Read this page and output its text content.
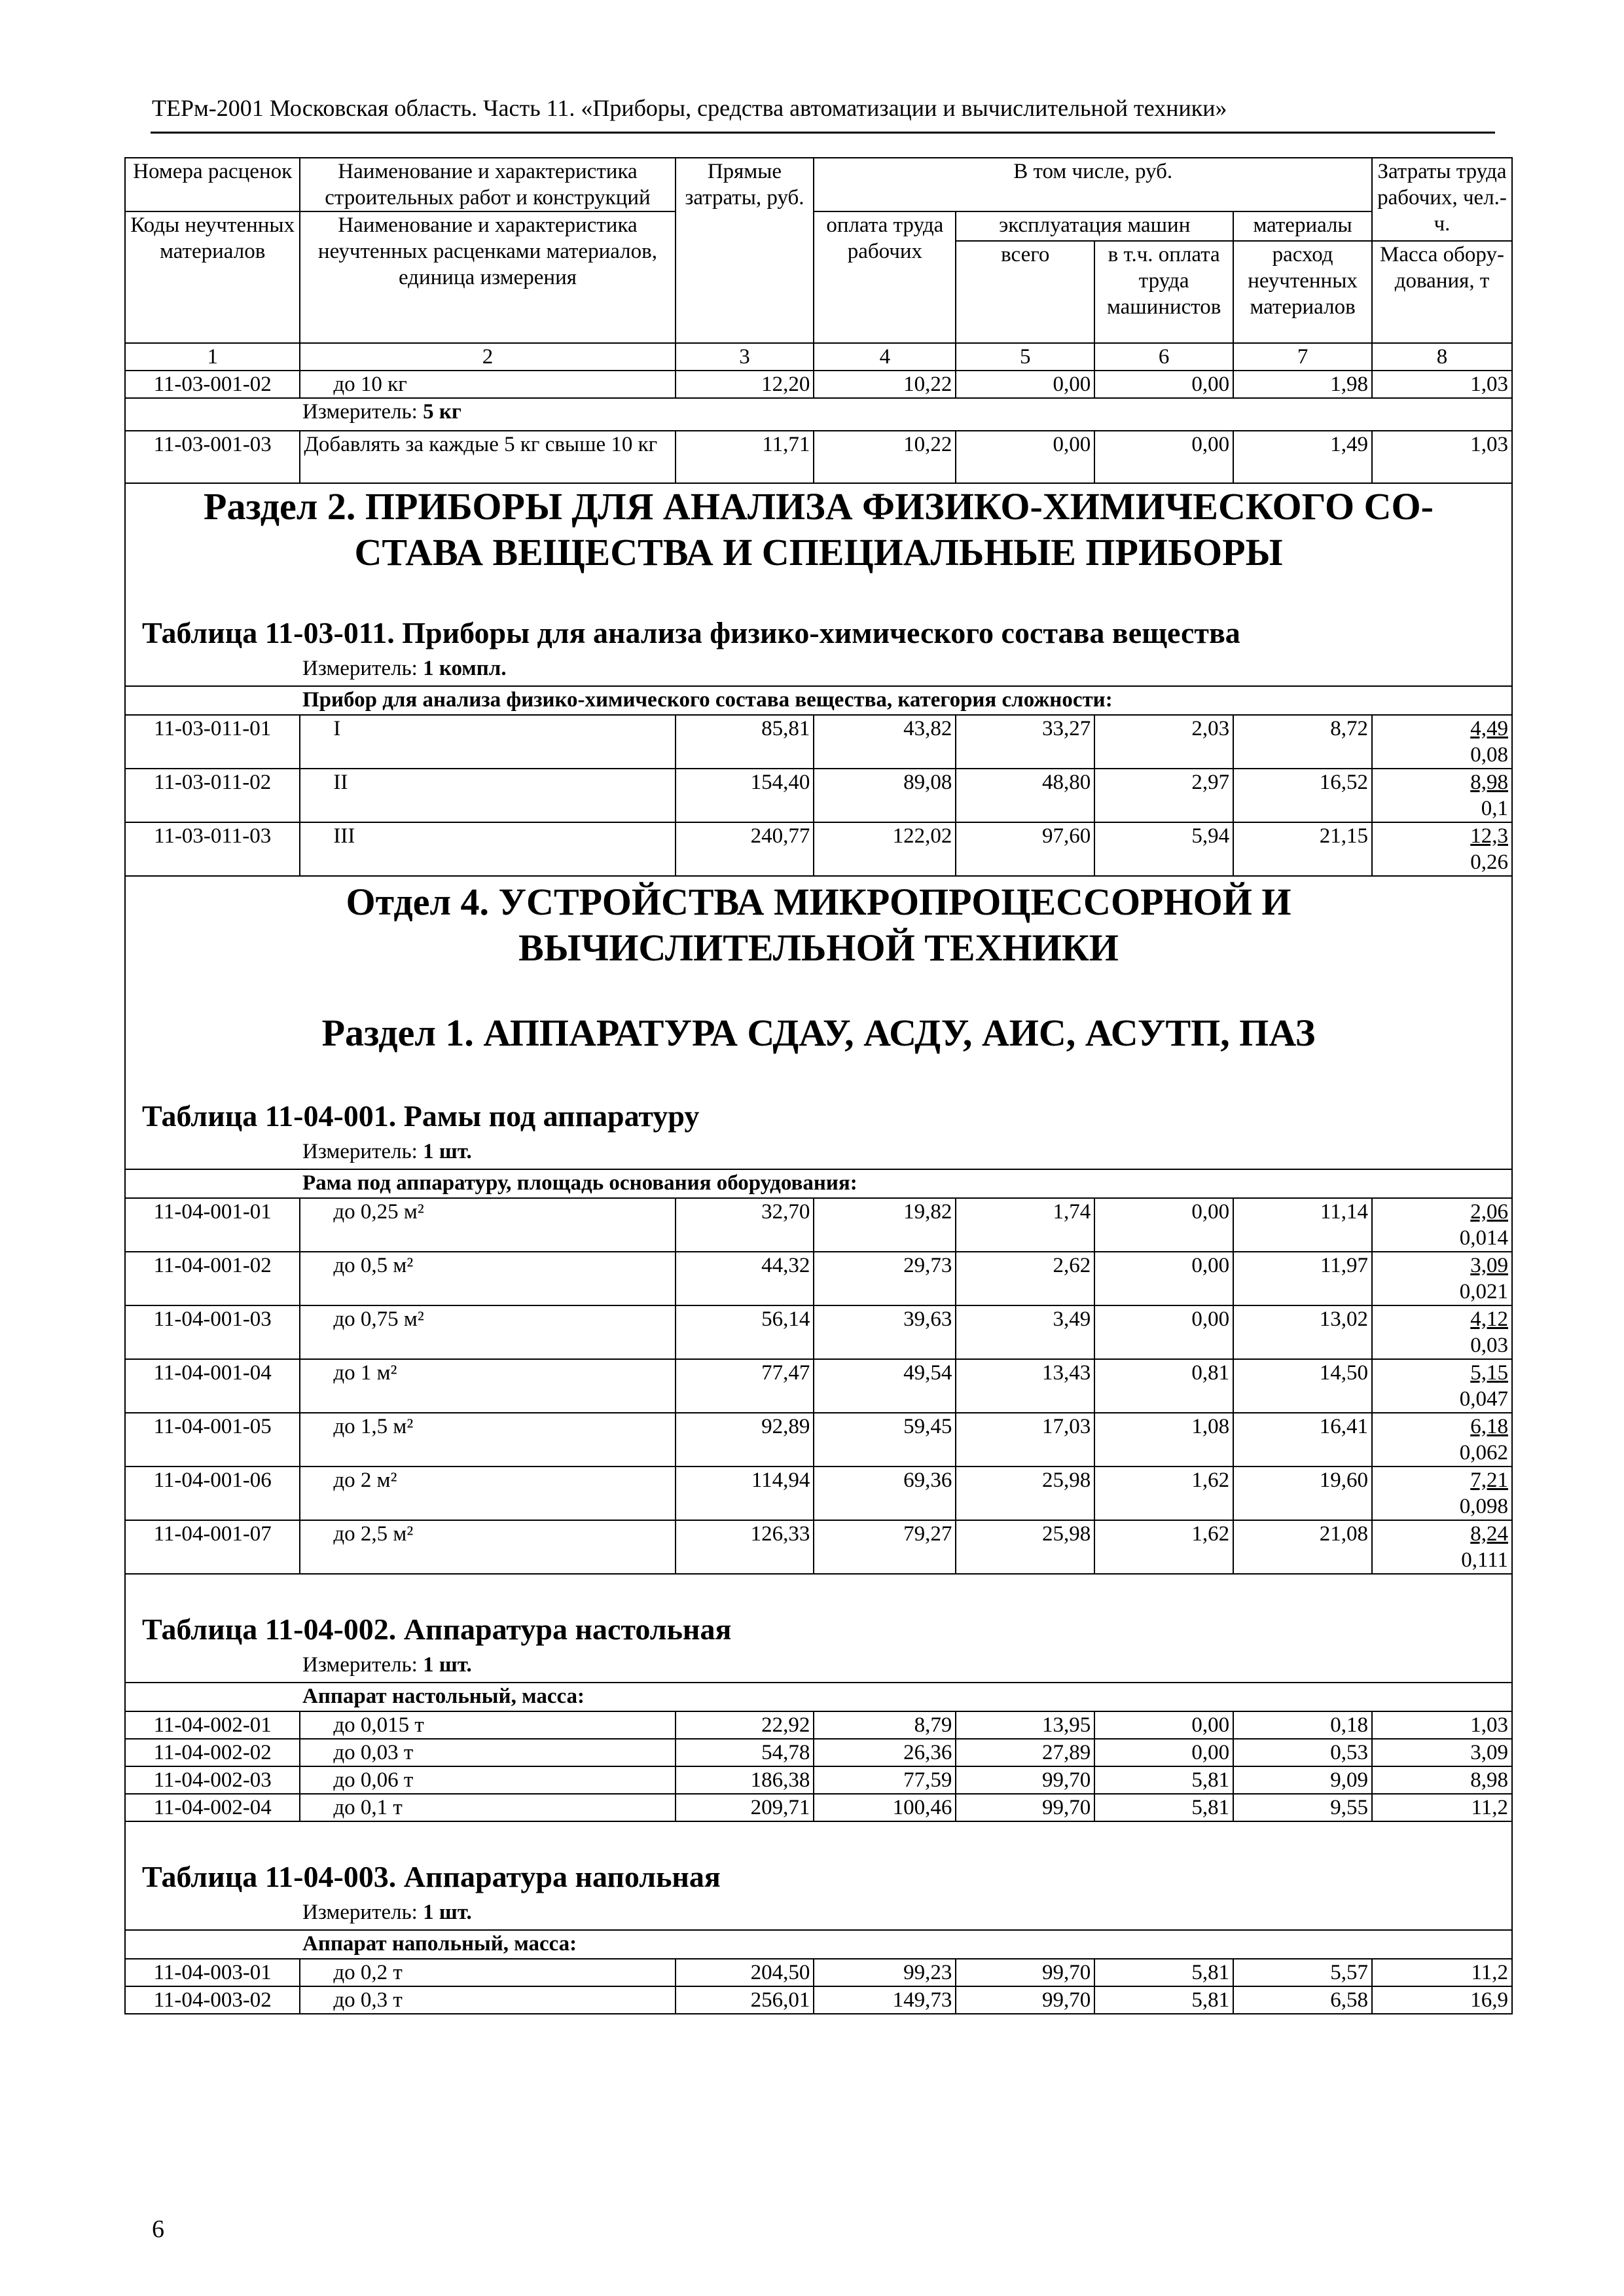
ТЕРм-2001 Московская область. Часть 11. «Приборы, средства автоматизации и вычислительной техники»
Номера расценок	Наименование и характеристика строительных работ и конструкций	Прямые затраты, руб.	В том числе, руб.				Затраты труда рабочих, чел.-ч.
Коды неучтенных материалов	Наименование и характеристика неучтенных расценками материалов, единица измерения		оплата труда рабочих	эксплуатация машин		материалы	
				всего	в т.ч. оплата труда машинистов	расход неучтенных материалов	Масса обору-дования, т
1	2	3	4	5	6	7	8
11-03-001-02	до 10 кг	12,20	10,22	0,00	0,00	1,98	1,03

Измеритель: 5 кг							

11-03-001-03	Добавлять за каждые 5 кг свыше 10 кг	11,71	10,22	0,00	0,00	1,49	1,03

Раздел 2. ПРИБОРЫ ДЛЯ АНАЛИЗА ФИЗИКО-ХИМИЧЕСКОГО СО-
СТАВА ВЕЩЕСТВА И СПЕЦИАЛЬНЫЕ ПРИБОРЫ
Таблица 11-03-011. Приборы для анализа физико-химического состава вещества
Измеритель: 1 компл.							

Прибор для анализа физико-химического состава вещества, категория сложности:							

11-03-011-01	I	85,81	43,82	33,27	2,03	8,72	4,49
0,08

11-03-011-02	II	154,40	89,08	48,80	2,97	16,52	8,98
0,1

11-03-011-03	III	240,77	122,02	97,60	5,94	21,15	12,3
0,26

Отдел 4. УСТРОЙСТВА МИКРОПРОЦЕССОРНОЙ И
ВЫЧИСЛИТЕЛЬНОЙ ТЕХНИКИ
Раздел 1. АППАРАТУРА СДАУ, АСДУ, АИС, АСУТП, ПАЗ
Таблица 11-04-001. Рамы под аппаратуру
Измеритель: 1 шт.							

Рама под аппаратуру, площадь основания оборудования:							

11-04-001-01	до 0,25 м²	32,70	19,82	1,74	0,00	11,14	2,06
0,014

11-04-001-02	до 0,5 м²	44,32	29,73	2,62	0,00	11,97	3,09
0,021

11-04-001-03	до 0,75 м²	56,14	39,63	3,49	0,00	13,02	4,12
0,03

11-04-001-04	до 1 м²	77,47	49,54	13,43	0,81	14,50	5,15
0,047

11-04-001-05	до 1,5 м²	92,89	59,45	17,03	1,08	16,41	6,18
0,062

11-04-001-06	до 2 м²	114,94	69,36	25,98	1,62	19,60	7,21
0,098

11-04-001-07	до 2,5 м²	126,33	79,27	25,98	1,62	21,08	8,24
0,111

Таблица 11-04-002. Аппаратура настольная
Измеритель: 1 шт.							

Аппарат настольный, масса:							

11-04-002-01	до 0,015 т	22,92	8,79	13,95	0,00	0,18	1,03
11-04-002-02	до 0,03 т	54,78	26,36	27,89	0,00	0,53	3,09
11-04-002-03	до 0,06 т	186,38	77,59	99,70	5,81	9,09	8,98
11-04-002-04	до 0,1 т	209,71	100,46	99,70	5,81	9,55	11,2

Таблица 11-04-003. Аппаратура напольная
Измеритель: 1 шт.							

Аппарат напольный, масса:							

11-04-003-01	до 0,2 т	204,50	99,23	99,70	5,81	5,57	11,2
11-04-003-02	до 0,3 т	256,01	149,73	99,70	5,81	6,58	16,9
6
